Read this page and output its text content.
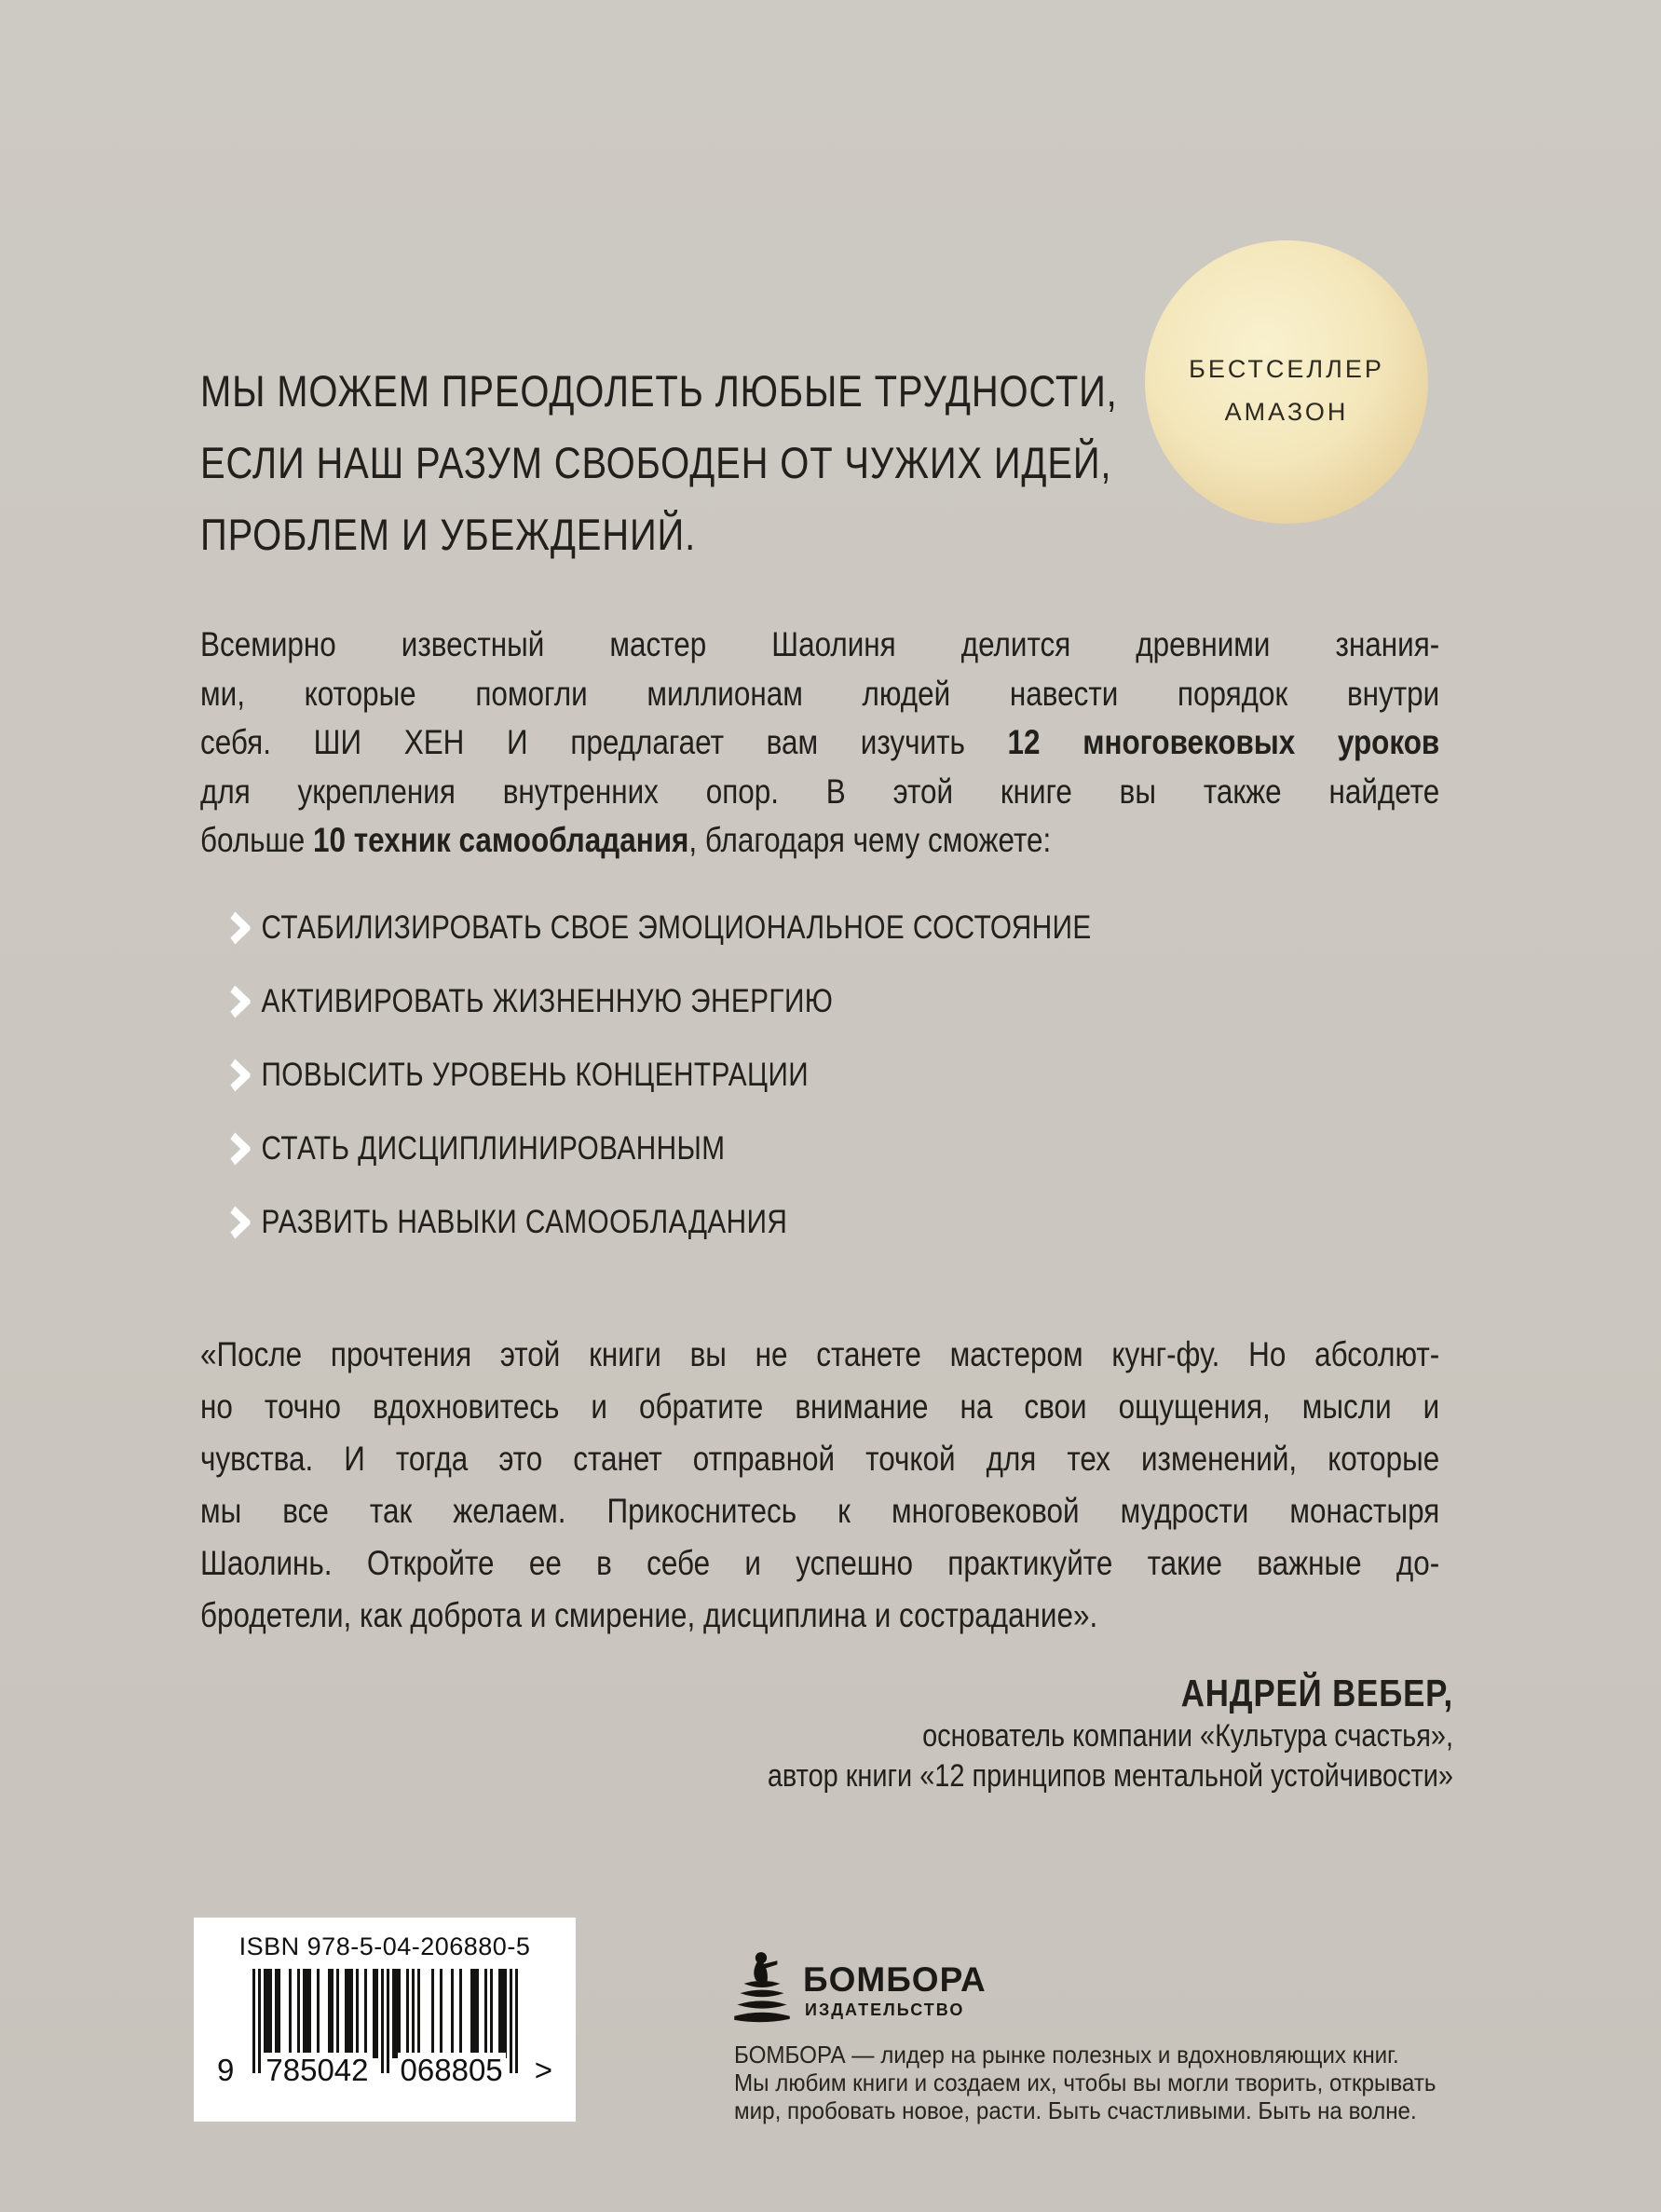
БЕСТСЕЛЛЕР
АМАЗОН
МЫ МОЖЕМ ПРЕОДОЛЕТЬ ЛЮБЫЕ ТРУДНОСТИ,
ЕСЛИ НАШ РАЗУМ СВОБОДЕН ОТ ЧУЖИХ ИДЕЙ,
ПРОБЛЕМ И УБЕЖДЕНИЙ.
Всемирно известный мастер Шаолиня делится древними знания-
ми, которые помогли миллионам людей навести порядок внутри
себя. ШИ ХЕН И предлагает вам изучить 12 многовековых уроков
для укрепления внутренних опор. В этой книге вы также найдете
больше 10 техник самообладания, благодаря чему сможете:
СТАБИЛИЗИРОВАТЬ СВОЕ ЭМОЦИОНАЛЬНОЕ СОСТОЯНИЕ
АКТИВИРОВАТЬ ЖИЗНЕННУЮ ЭНЕРГИЮ
ПОВЫСИТЬ УРОВЕНЬ КОНЦЕНТРАЦИИ
СТАТЬ ДИСЦИПЛИНИРОВАННЫМ
РАЗВИТЬ НАВЫКИ САМООБЛАДАНИЯ
«После прочтения этой книги вы не станете мастером кунг-фу. Но абсолют-
но точно вдохновитесь и обратите внимание на свои ощущения, мысли и
чувства. И тогда это станет отправной точкой для тех изменений, которые
мы все так желаем. Прикоснитесь к многовековой мудрости монастыря
Шаолинь. Откройте ее в себе и успешно практикуйте такие важные до-
бродетели, как доброта и смирение, дисциплина и сострадание».
АНДРЕЙ ВЕБЕР,
основатель компании «Культура счастья»,
автор книги «12 принципов ментальной устойчивости»
ISBN 978-5-04-206880-5
9 785042 068805 >
БОМБОРА
ИЗДАТЕЛЬСТВО
БОМБОРА — лидер на рынке полезных и вдохновляющих книг.
Мы любим книги и создаем их, чтобы вы могли творить, открывать
мир, пробовать новое, расти. Быть счастливыми. Быть на волне.
